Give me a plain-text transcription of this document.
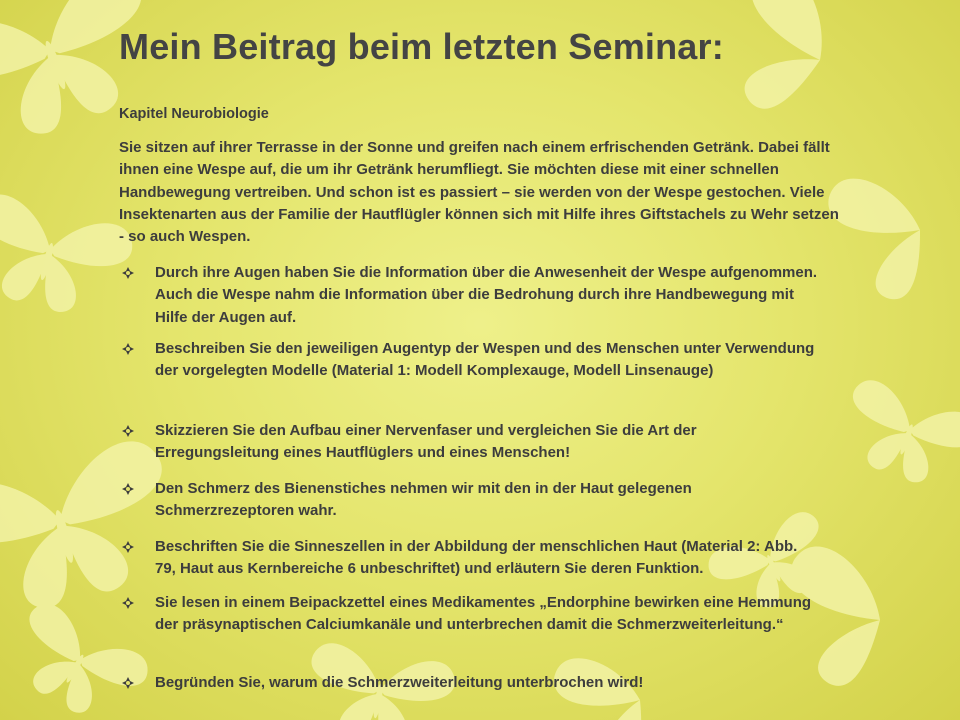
Mein Beitrag beim letzten Seminar:

Kapitel Neurobiologie

Sie sitzen auf ihrer Terrasse in der Sonne und greifen nach einem erfrischenden Getränk. Dabei fällt ihnen eine Wespe auf, die um ihr Getränk herumfliegt. Sie möchten diese mit einer schnellen Handbewegung vertreiben. Und schon ist es passiert – sie werden von der Wespe gestochen. Viele Insektenarten aus der Familie der Hautflügler können sich mit Hilfe ihres Giftstachels zu Wehr setzen - so auch Wespen.

Durch ihre Augen haben Sie die Information über die Anwesenheit der Wespe aufgenommen. Auch die Wespe nahm die Information über die Bedrohung durch ihre Handbewegung mit Hilfe der Augen auf.
Beschreiben Sie den jeweiligen Augentyp der Wespen und des Menschen unter Verwendung der vorgelegten Modelle (Material 1: Modell Komplexauge, Modell Linsenauge)
Skizzieren Sie den Aufbau einer Nervenfaser und vergleichen Sie die Art der Erregungsleitung eines Hautflüglers und eines Menschen!
Den Schmerz des Bienenstiches nehmen wir mit den in der Haut gelegenen Schmerzrezeptoren wahr.
Beschriften Sie die Sinneszellen in der Abbildung der menschlichen Haut (Material 2: Abb. 79, Haut aus Kernbereiche 6 unbeschriftet) und erläutern Sie deren Funktion.
Sie lesen in einem Beipackzettel eines Medikamentes „Endorphine bewirken eine Hemmung der präsynaptischen Calciumkanäle und unterbrechen damit die Schmerzweiterleitung.“
Begründen Sie, warum die Schmerzweiterleitung unterbrochen wird!
